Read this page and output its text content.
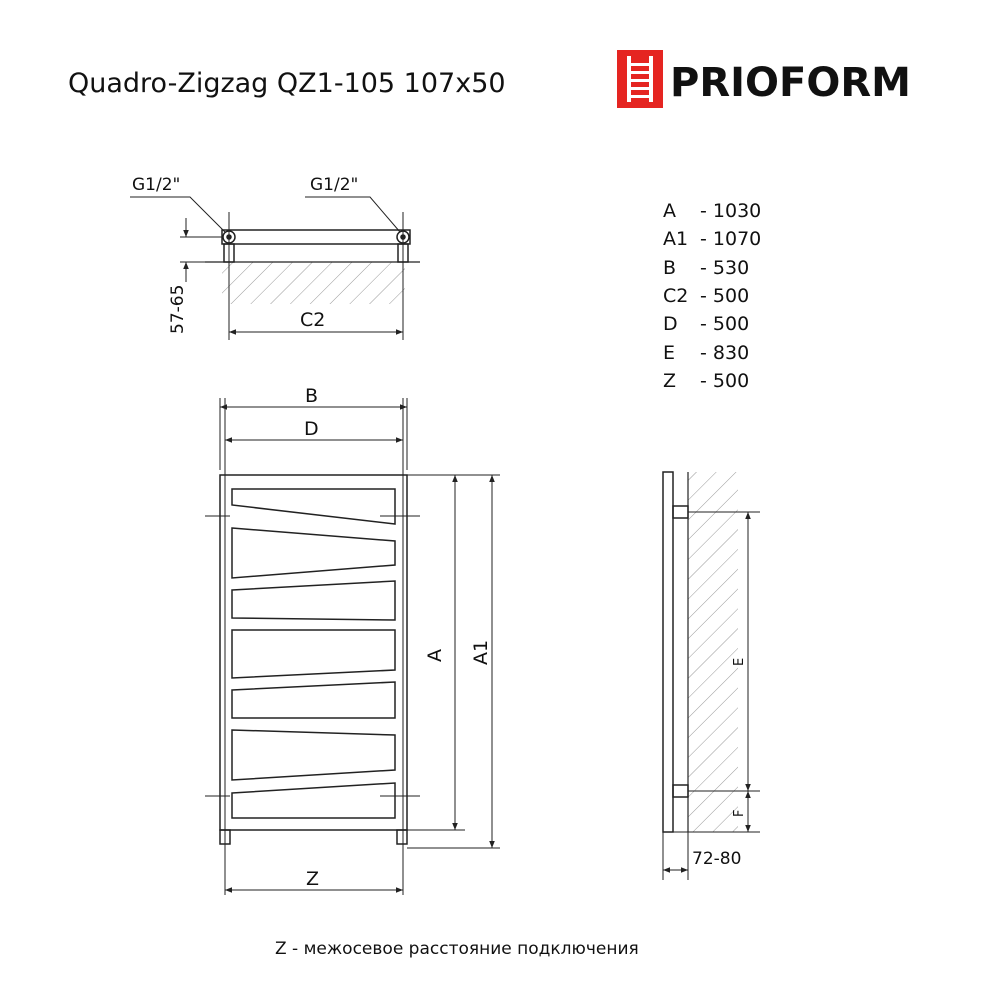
Quadro-Zigzag QZ1-105 107x50	PRIOFORM
G1/2"	G1/2"
57-65	C2
A - 1030
A1 - 1070
B - 530
C2 - 500
D - 500
E - 830
Z - 500
B
D
A A1
Z
E
F
72-80
Z - межосевое расстояние подключения
